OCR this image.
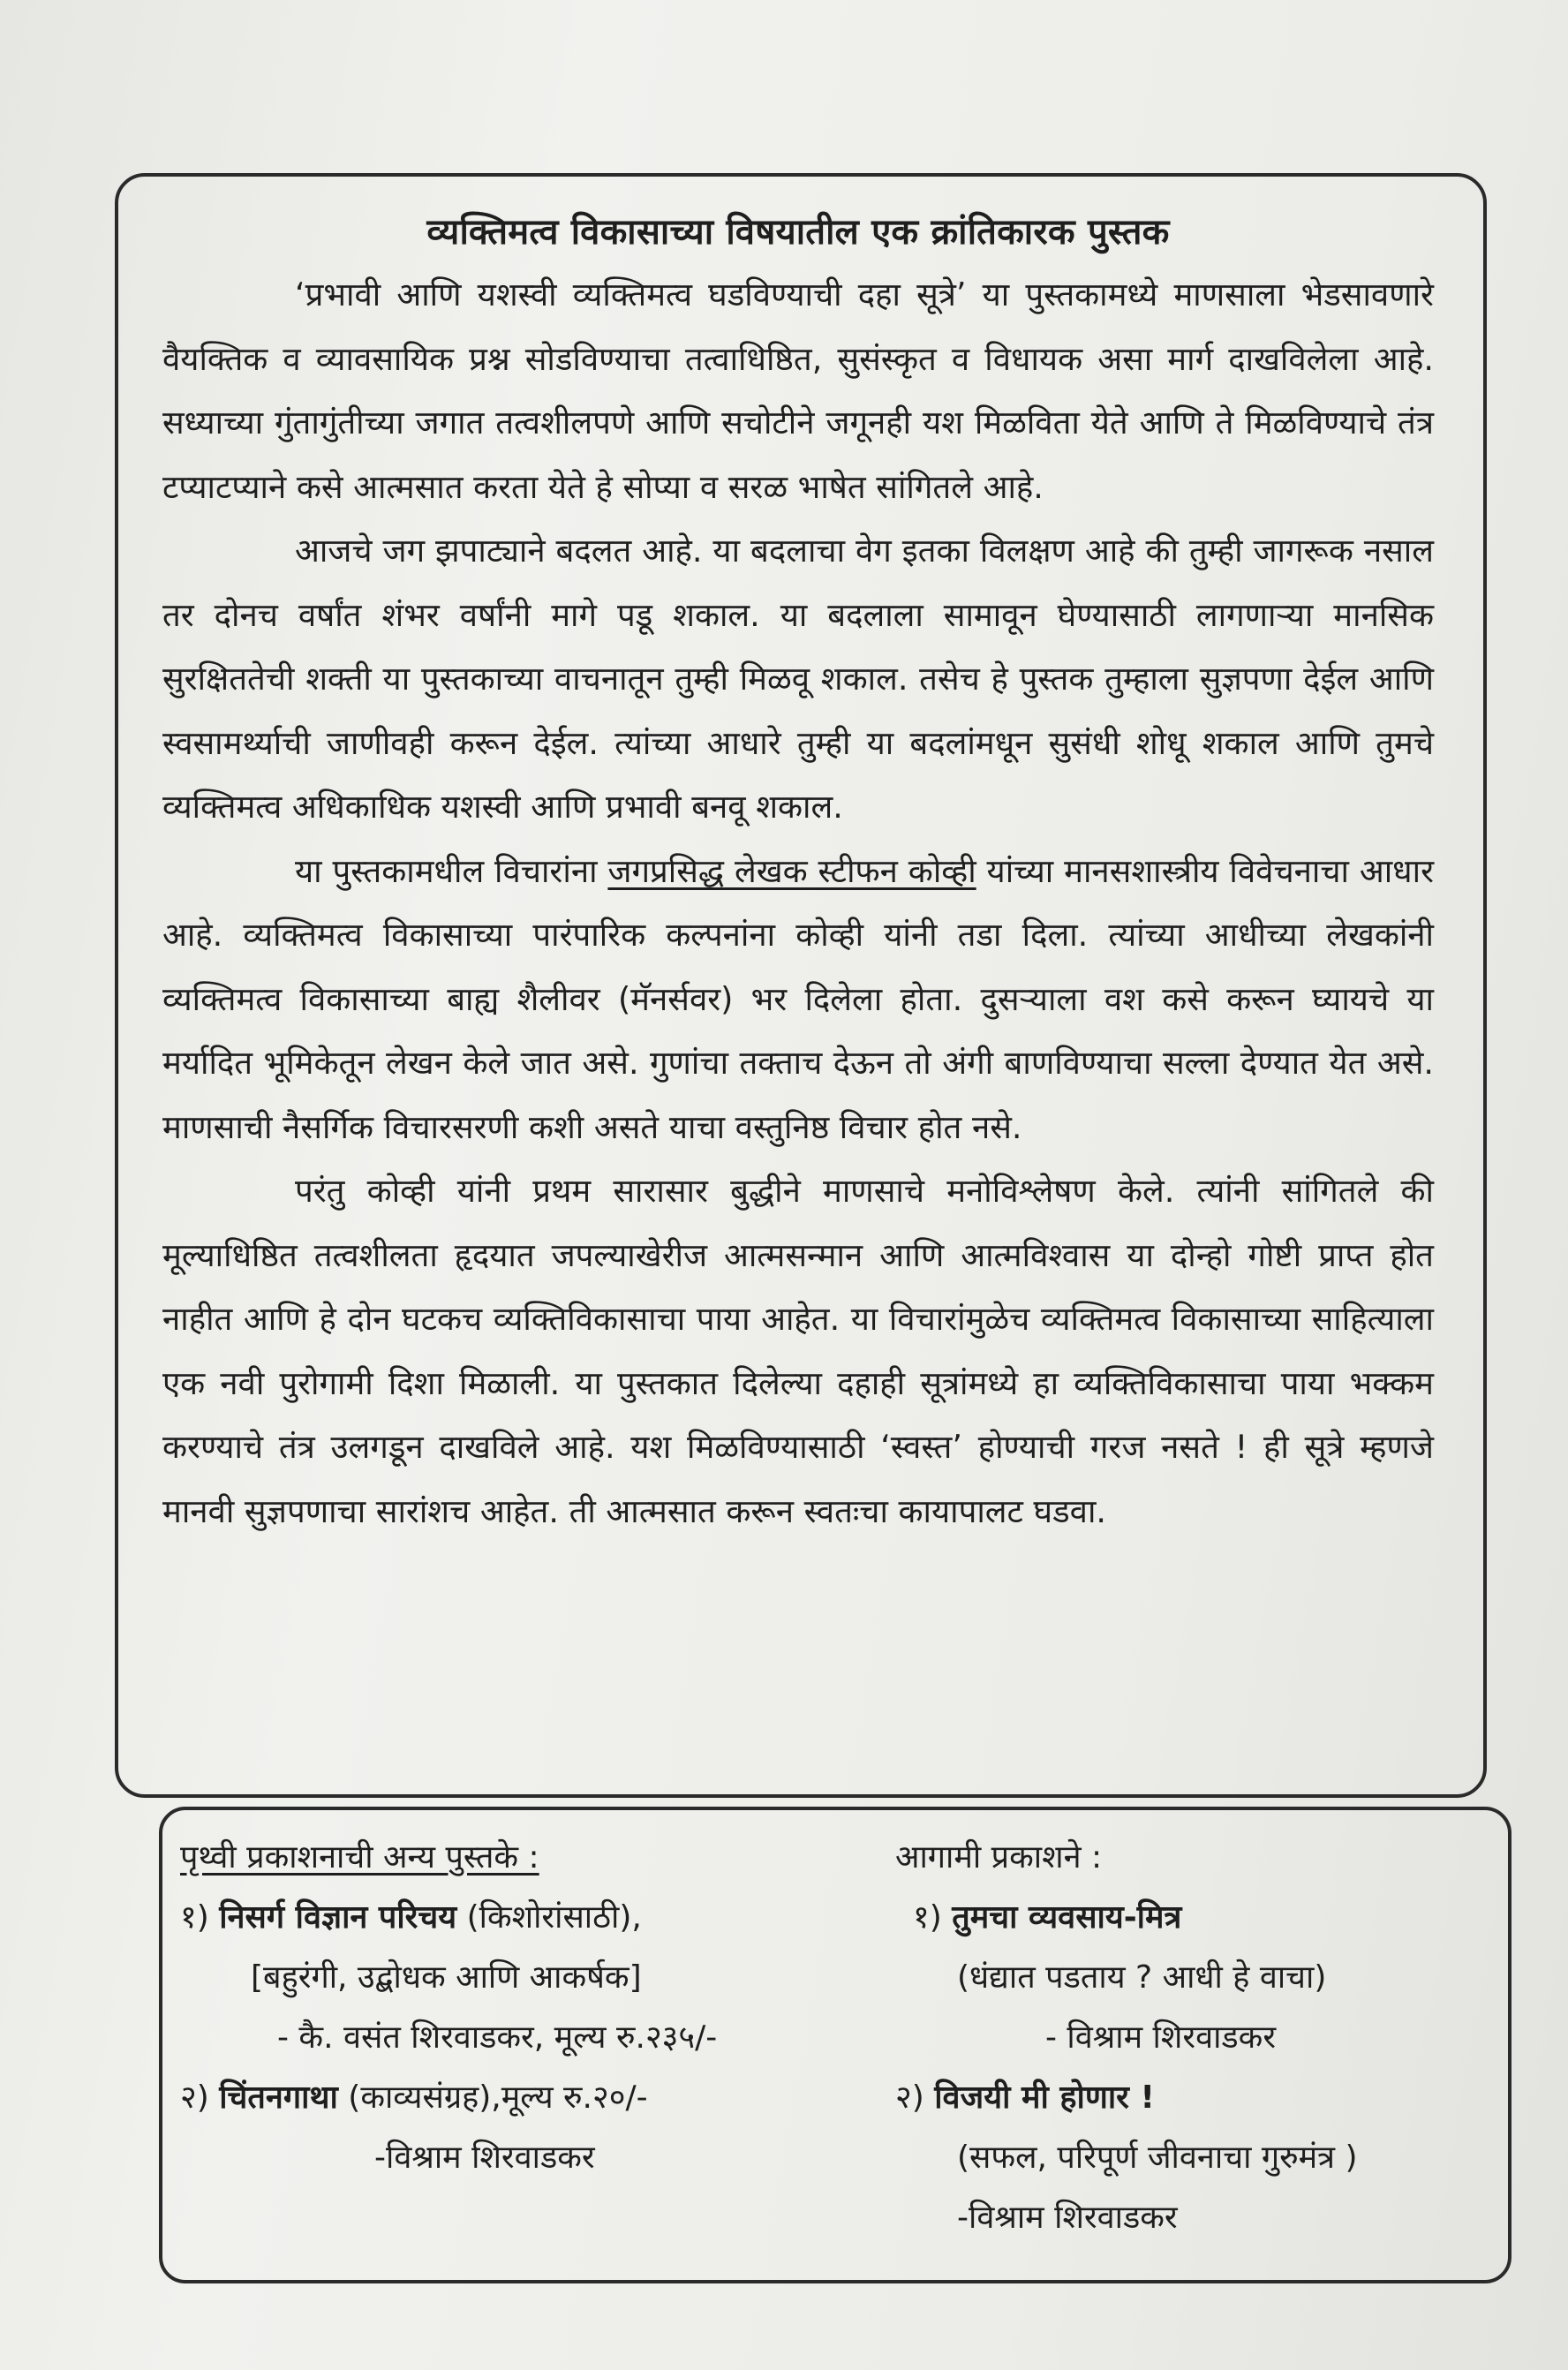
व्यक्तिमत्व विकासाच्या विषयातील एक क्रांतिकारक पुस्तक

‘प्रभावी आणि यशस्वी व्यक्तिमत्व घडविण्याची दहा सूत्रे’ या पुस्तकामध्ये माणसाला भेडसावणारे वैयक्तिक व व्यावसायिक प्रश्न सोडविण्याचा तत्वाधिष्ठित, सुसंस्कृत व विधायक असा मार्ग दाखविलेला आहे. सध्याच्या गुंतागुंतीच्या जगात तत्वशीलपणे आणि सचोटीने जगूनही यश मिळविता येते आणि ते मिळविण्याचे तंत्र टप्याटप्याने कसे आत्मसात करता येते हे सोप्या व सरळ भाषेत सांगितले आहे.

आजचे जग झपाट्याने बदलत आहे. या बदलाचा वेग इतका विलक्षण आहे की तुम्ही जागरूक नसाल तर दोनच वर्षांत शंभर वर्षांनी मागे पडू शकाल. या बदलाला सामावून घेण्यासाठी लागणाऱ्या मानसिक सुरक्षिततेची शक्ती या पुस्तकाच्या वाचनातून तुम्ही मिळवू शकाल. तसेच हे पुस्तक तुम्हाला सुज्ञपणा देईल आणि स्वसामर्थ्याची जाणीवही करून देईल. त्यांच्या आधारे तुम्ही या बदलांमधून सुसंधी शोधू शकाल आणि तुमचे व्यक्तिमत्व अधिकाधिक यशस्वी आणि प्रभावी बनवू शकाल.

या पुस्तकामधील विचारांना जगप्रसिद्ध लेखक स्टीफन कोव्ही यांच्या मानसशास्त्रीय विवेचनाचा आधार आहे. व्यक्तिमत्व विकासाच्या पारंपारिक कल्पनांना कोव्ही यांनी तडा दिला. त्यांच्या आधीच्या लेखकांनी व्यक्तिमत्व विकासाच्या बाह्य शैलीवर (मॅनर्सवर) भर दिलेला होता. दुसऱ्याला वश कसे करून घ्यायचे या मर्यादित भूमिकेतून लेखन केले जात असे. गुणांचा तक्ताच देऊन तो अंगी बाणविण्याचा सल्ला देण्यात येत असे. माणसाची नैसर्गिक विचारसरणी कशी असते याचा वस्तुनिष्ठ विचार होत नसे.

परंतु कोव्ही यांनी प्रथम सारासार बुद्धीने माणसाचे मनोविश्लेषण केले. त्यांनी सांगितले की मूल्याधिष्ठित तत्वशीलता हृदयात जपल्याखेरीज आत्मसन्मान आणि आत्मविश्वास या दोन्हो गोष्टी प्राप्त होत नाहीत आणि हे दोन घटकच व्यक्तिविकासाचा पाया आहेत. या विचारांमुळेच व्यक्तिमत्व विकासाच्या साहित्याला एक नवी पुरोगामी दिशा मिळाली. या पुस्तकात दिलेल्या दहाही सूत्रांमध्ये हा व्यक्तिविकासाचा पाया भक्कम करण्याचे तंत्र उलगडून दाखविले आहे. यश मिळविण्यासाठी ‘स्वस्त’ होण्याची गरज नसते ! ही सूत्रे म्हणजे मानवी सुज्ञपणाचा सारांशच आहेत. ती आत्मसात करून स्वतःचा कायापालट घडवा.

पृथ्वी प्रकाशनाची अन्य पुस्तके :
१) निसर्ग विज्ञान परिचय (किशोरांसाठी),
[बहुरंगी, उद्बोधक आणि आकर्षक]
- कै. वसंत शिरवाडकर, मूल्य रु.२३५/-
२) चिंतनगाथा (काव्यसंग्रह),मूल्य रु.२०/-
-विश्राम शिरवाडकर
आगामी प्रकाशने :
१) तुमचा व्यवसाय-मित्र
(धंद्यात पडताय ? आधी हे वाचा)
- विश्राम शिरवाडकर
२) विजयी मी होणार !
(सफल, परिपूर्ण जीवनाचा गुरुमंत्र )
-विश्राम शिरवाडकर
